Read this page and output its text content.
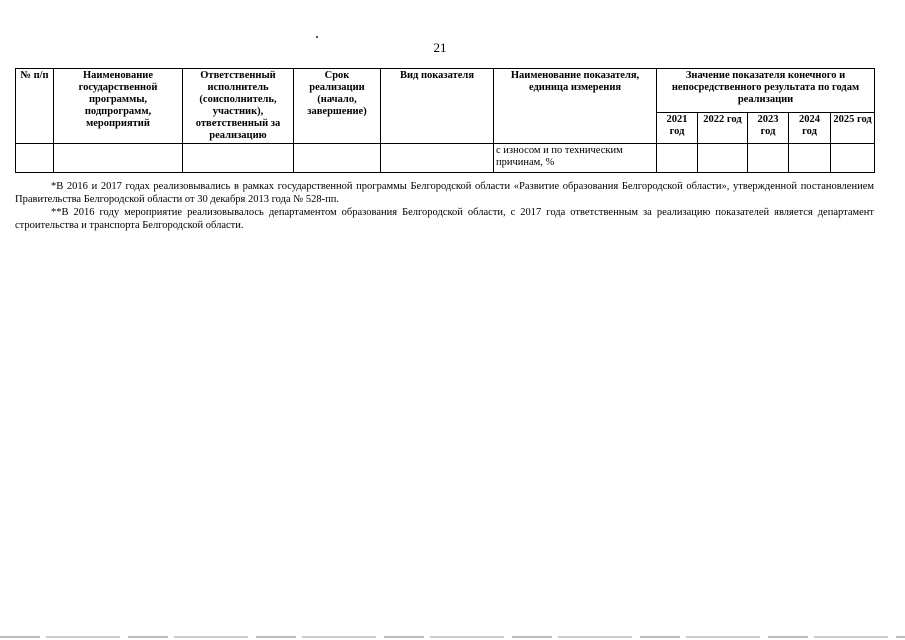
21
№ п/п	Наименование государственной программы, подпрограмм, мероприятий	Ответственный исполнитель (соисполнитель, участник), ответственный за реализацию	Срок реализации (начало, завершение)	Вид показателя	Наименование показателя, единица измерения	Значение показателя конечного и непосредственного результата по годам реализации				
						2021 год	2022 год	2023 год	2024 год	2025 год
					с износом и по техническим причинам, %					

*В 2016 и 2017 годах реализовывались в рамках государственной программы Белгородской области «Развитие образования Белгородской области», утвержденной постановлением Правительства Белгородской области от 30 декабря 2013 года № 528-пп.

**В 2016 году мероприятие реализовывалось департаментом образования Белгородской области, с 2017 года ответственным за реализацию показателей является департамент строительства и транспорта Белгородской области.
